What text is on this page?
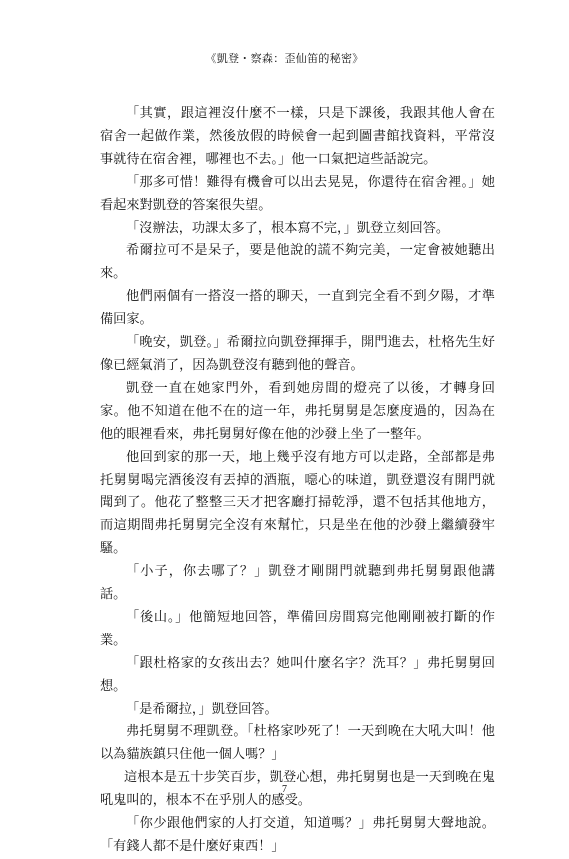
《凱登・察森：歪仙笛的秘密》

「其實，跟這裡沒什麼不一樣，只是下課後，我跟其他人會在宿舍一起做作業，然後放假的時候會一起到圖書館找資料，平常沒事就待在宿舍裡，哪裡也不去。」他一口氣把這些話說完。

「那多可惜！難得有機會可以出去晃晃，你還待在宿舍裡。」她看起來對凱登的答案很失望。

「沒辦法，功課太多了，根本寫不完，」凱登立刻回答。

希爾拉可不是呆子，要是他說的謊不夠完美，一定會被她聽出來。

他們兩個有一搭沒一搭的聊天，一直到完全看不到夕陽，才準備回家。

「晚安，凱登。」希爾拉向凱登揮揮手，開門進去，杜格先生好像已經氣消了，因為凱登沒有聽到他的聲音。

凱登一直在她家門外，看到她房間的燈亮了以後，才轉身回家。他不知道在他不在的這一年，弗托舅舅是怎麼度過的，因為在他的眼裡看來，弗托舅舅好像在他的沙發上坐了一整年。

他回到家的那一天，地上幾乎沒有地方可以走路，全部都是弗托舅舅喝完酒後沒有丟掉的酒瓶，噁心的味道，凱登還沒有開門就聞到了。他花了整整三天才把客廳打掃乾淨，還不包括其他地方，而這期間弗托舅舅完全沒有來幫忙，只是坐在他的沙發上繼續發牢騷。

「小子，你去哪了？」凱登才剛開門就聽到弗托舅舅跟他講話。

「後山。」他簡短地回答，準備回房間寫完他剛剛被打斷的作業。

「跟杜格家的女孩出去？她叫什麼名字？洗耳？」弗托舅舅回想。

「是希爾拉，」凱登回答。

弗托舅舅不理凱登。「杜格家吵死了！一天到晚在大吼大叫！他以為貓族鎮只住他一個人嗎？」

這根本是五十步笑百步，凱登心想，弗托舅舅也是一天到晚在鬼吼鬼叫的，根本不在乎別人的感受。

「你少跟他們家的人打交道，知道嗎？」弗托舅舅大聲地說。「有錢人都不是什麼好東西！」

7
